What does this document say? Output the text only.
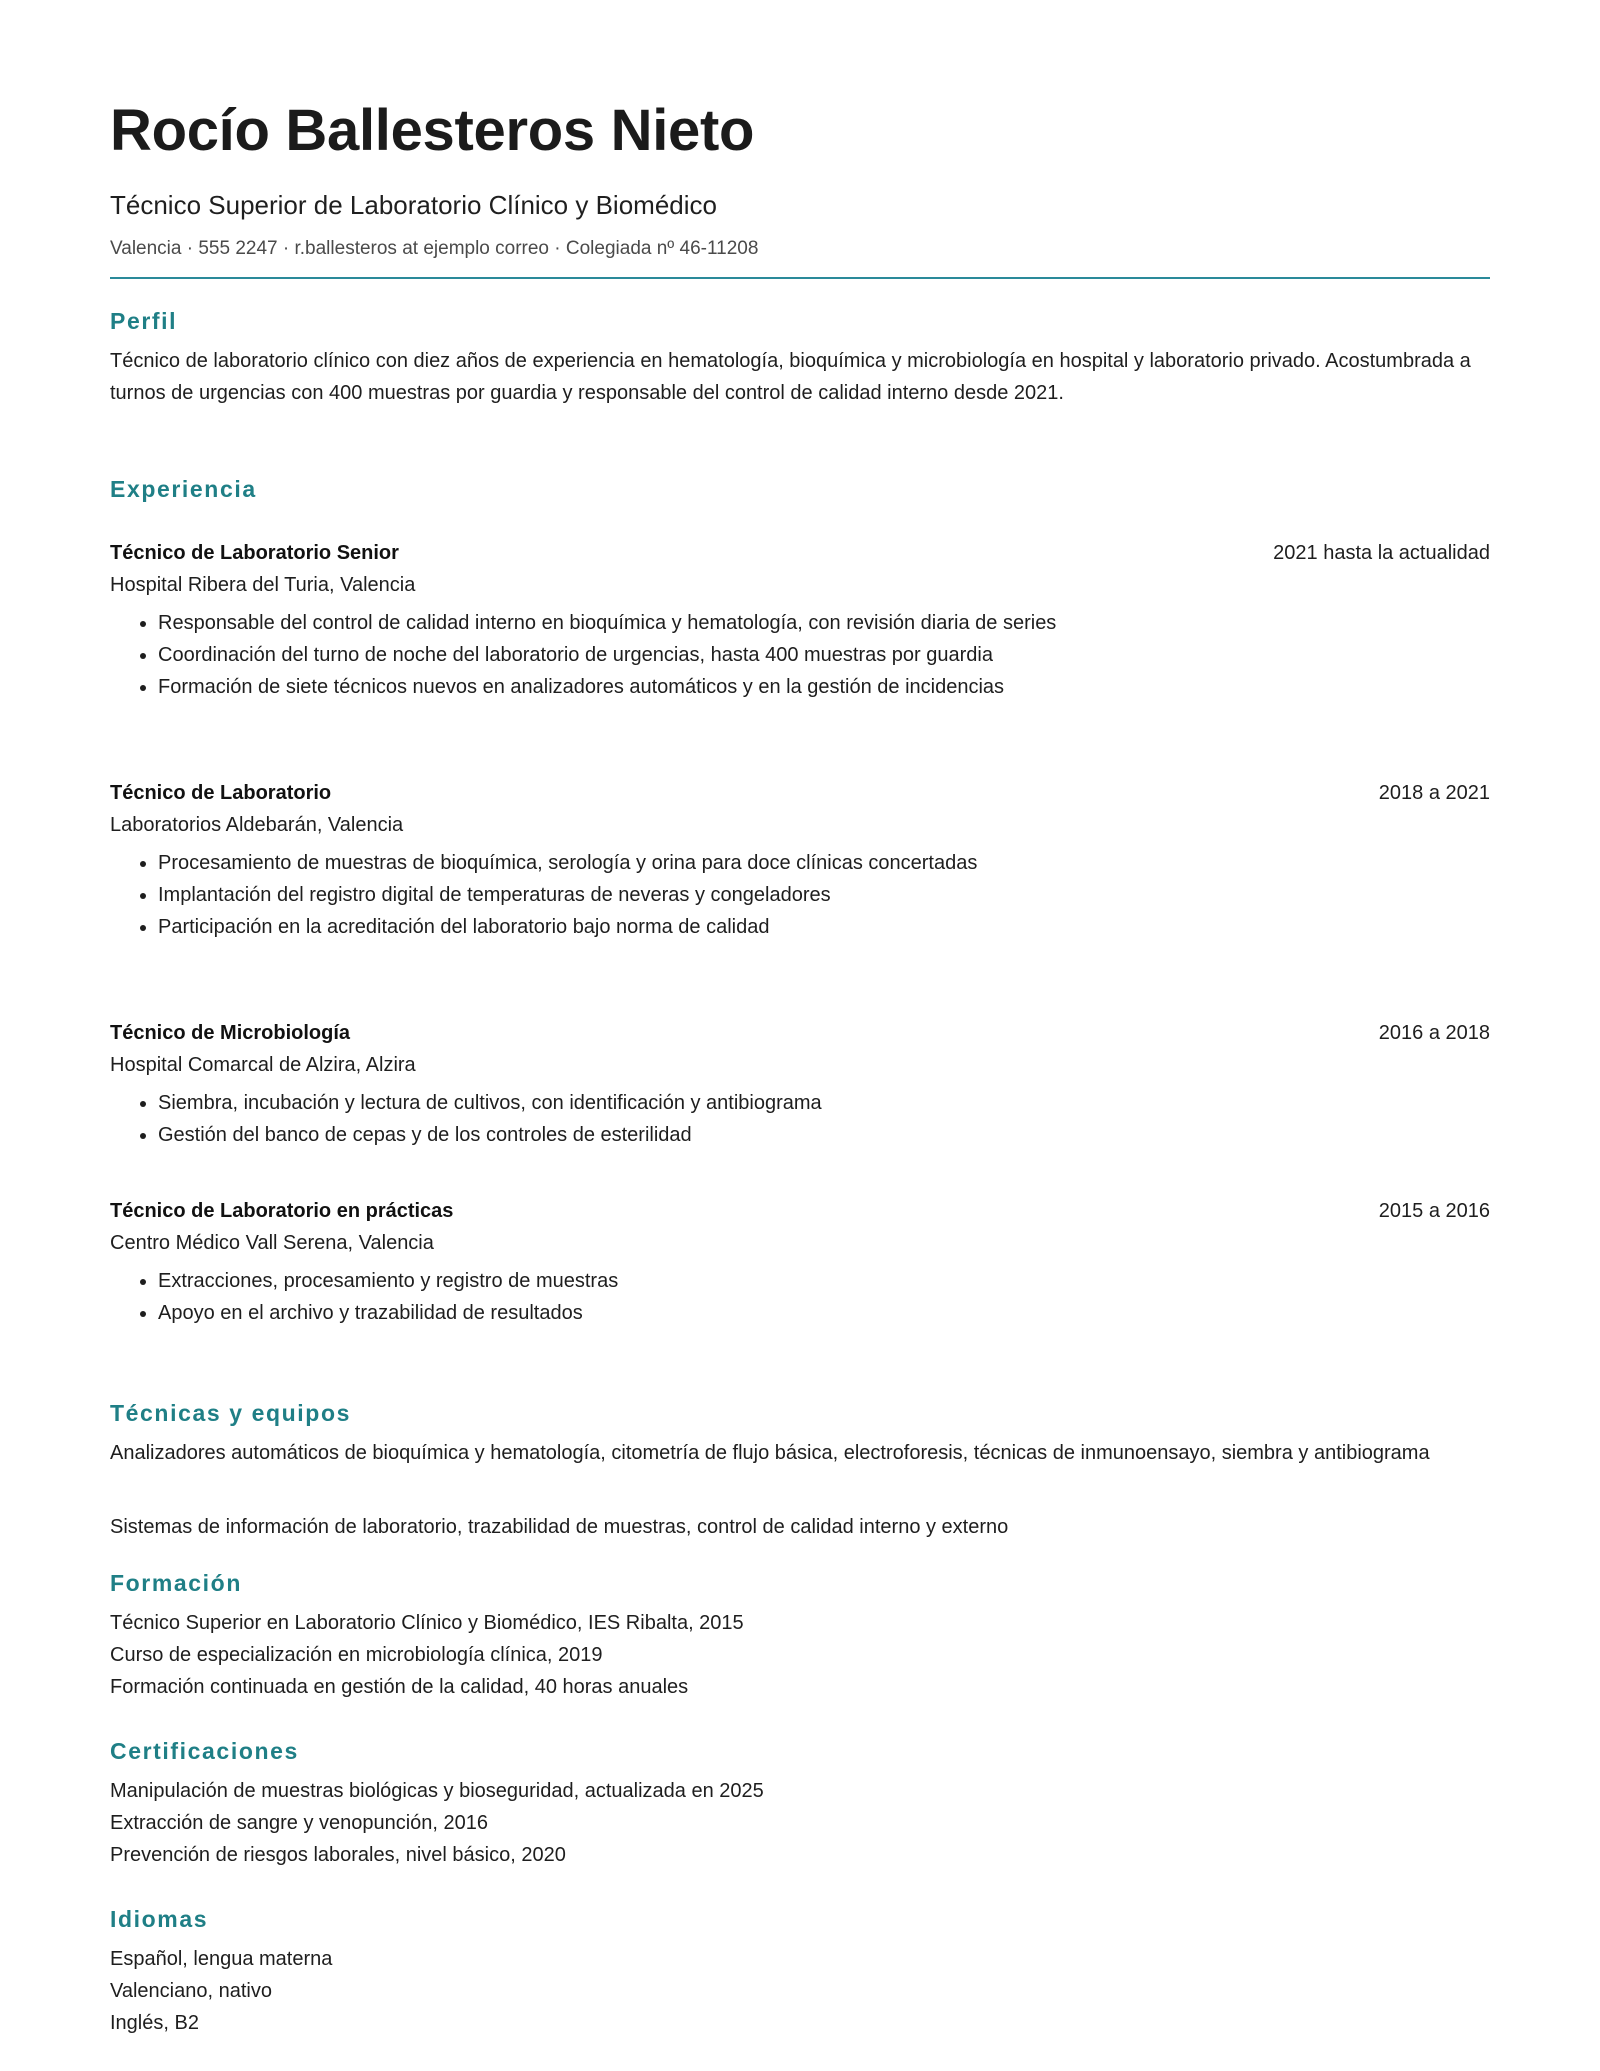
Rocío Ballesteros Nieto
Técnico Superior de Laboratorio Clínico y Biomédico
Valencia · 555 2247 · r.ballesteros at ejemplo correo · Colegiada nº 46-11208
Perfil
Técnico de laboratorio clínico con diez años de experiencia en hematología, bioquímica y microbiología en hospital y laboratorio privado. Acostumbrada a turnos de urgencias con 400 muestras por guardia y responsable del control de calidad interno desde 2021.
Experiencia
Técnico de Laboratorio Senior	2021 hasta la actualidad
Hospital Ribera del Turia, Valencia
Responsable del control de calidad interno en bioquímica y hematología, con revisión diaria de series
Coordinación del turno de noche del laboratorio de urgencias, hasta 400 muestras por guardia
Formación de siete técnicos nuevos en analizadores automáticos y en la gestión de incidencias
Técnico de Laboratorio	2018 a 2021
Laboratorios Aldebarán, Valencia
Procesamiento de muestras de bioquímica, serología y orina para doce clínicas concertadas
Implantación del registro digital de temperaturas de neveras y congeladores
Participación en la acreditación del laboratorio bajo norma de calidad
Técnico de Microbiología	2016 a 2018
Hospital Comarcal de Alzira, Alzira
Siembra, incubación y lectura de cultivos, con identificación y antibiograma
Gestión del banco de cepas y de los controles de esterilidad
Técnico de Laboratorio en prácticas	2015 a 2016
Centro Médico Vall Serena, Valencia
Extracciones, procesamiento y registro de muestras
Apoyo en el archivo y trazabilidad de resultados
Técnicas y equipos
Analizadores automáticos de bioquímica y hematología, citometría de flujo básica, electroforesis, técnicas de inmunoensayo, siembra y antibiograma
Sistemas de información de laboratorio, trazabilidad de muestras, control de calidad interno y externo
Formación
Técnico Superior en Laboratorio Clínico y Biomédico, IES Ribalta, 2015
Curso de especialización en microbiología clínica, 2019
Formación continuada en gestión de la calidad, 40 horas anuales
Certificaciones
Manipulación de muestras biológicas y bioseguridad, actualizada en 2025
Extracción de sangre y venopunción, 2016
Prevención de riesgos laborales, nivel básico, 2020
Idiomas
Español, lengua materna
Valenciano, nativo
Inglés, B2
